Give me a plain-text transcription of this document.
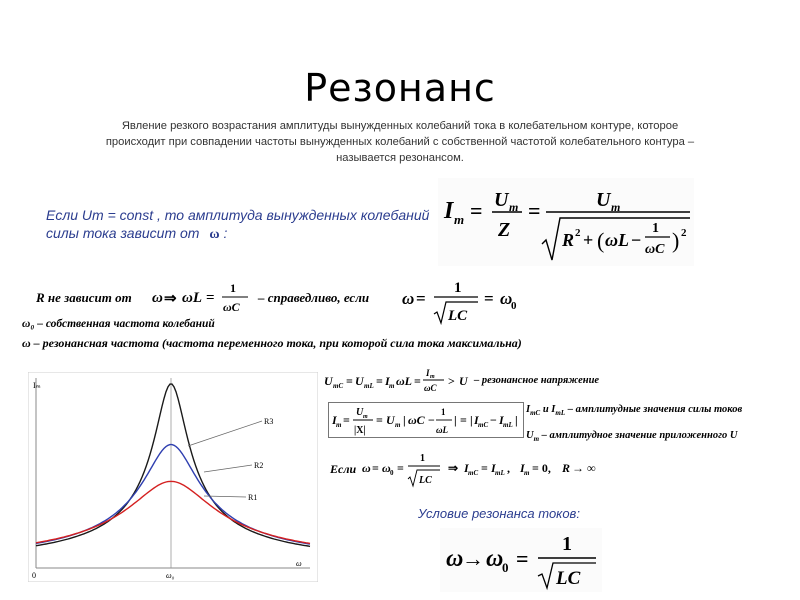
Резонанс
Явление резкого возрастания амплитуды вынужденных колебаний тока в колебательном контуре, которое
происходит при совпадении частоты вынужденных колебаний с собственной частотой колебательного контура –
называется резонансом.
Если Um = const , то амплитуда вынужденных колебаний
силы тока зависит от ω :
I m = U m
Z
=	U m
R 2 + ( ωL −
1
ωC ) 2
R не зависит от ω ⇒ ωL =
1
ωC
– справедливо, если ω =
1
LC
= ω
0
ω₀ – собственная частота колебаний
ω – резонансная частота (частота переменного тока, при которой сила тока максимальна)
Iₘ
ω
0	ω₀
R3
R2
R1
U mC = U mL = I m ωL =
I m
ωC > U – резонансное напряжение
I m =
U m
|X|
= U m | ωC −
1
ωL
| = | I mC − I mL |
$I_{mC}$ и $I_{mL}$ – амплитудные значения силы токов
$U_m$ – амплитудное значение приложенного U
Если ω = ω 0 =
1
LC
⇒ I mC = I mL , I m = 0, R → ∞
Условие резонанса токов:
ω
→ ω
0 =
1
LC
